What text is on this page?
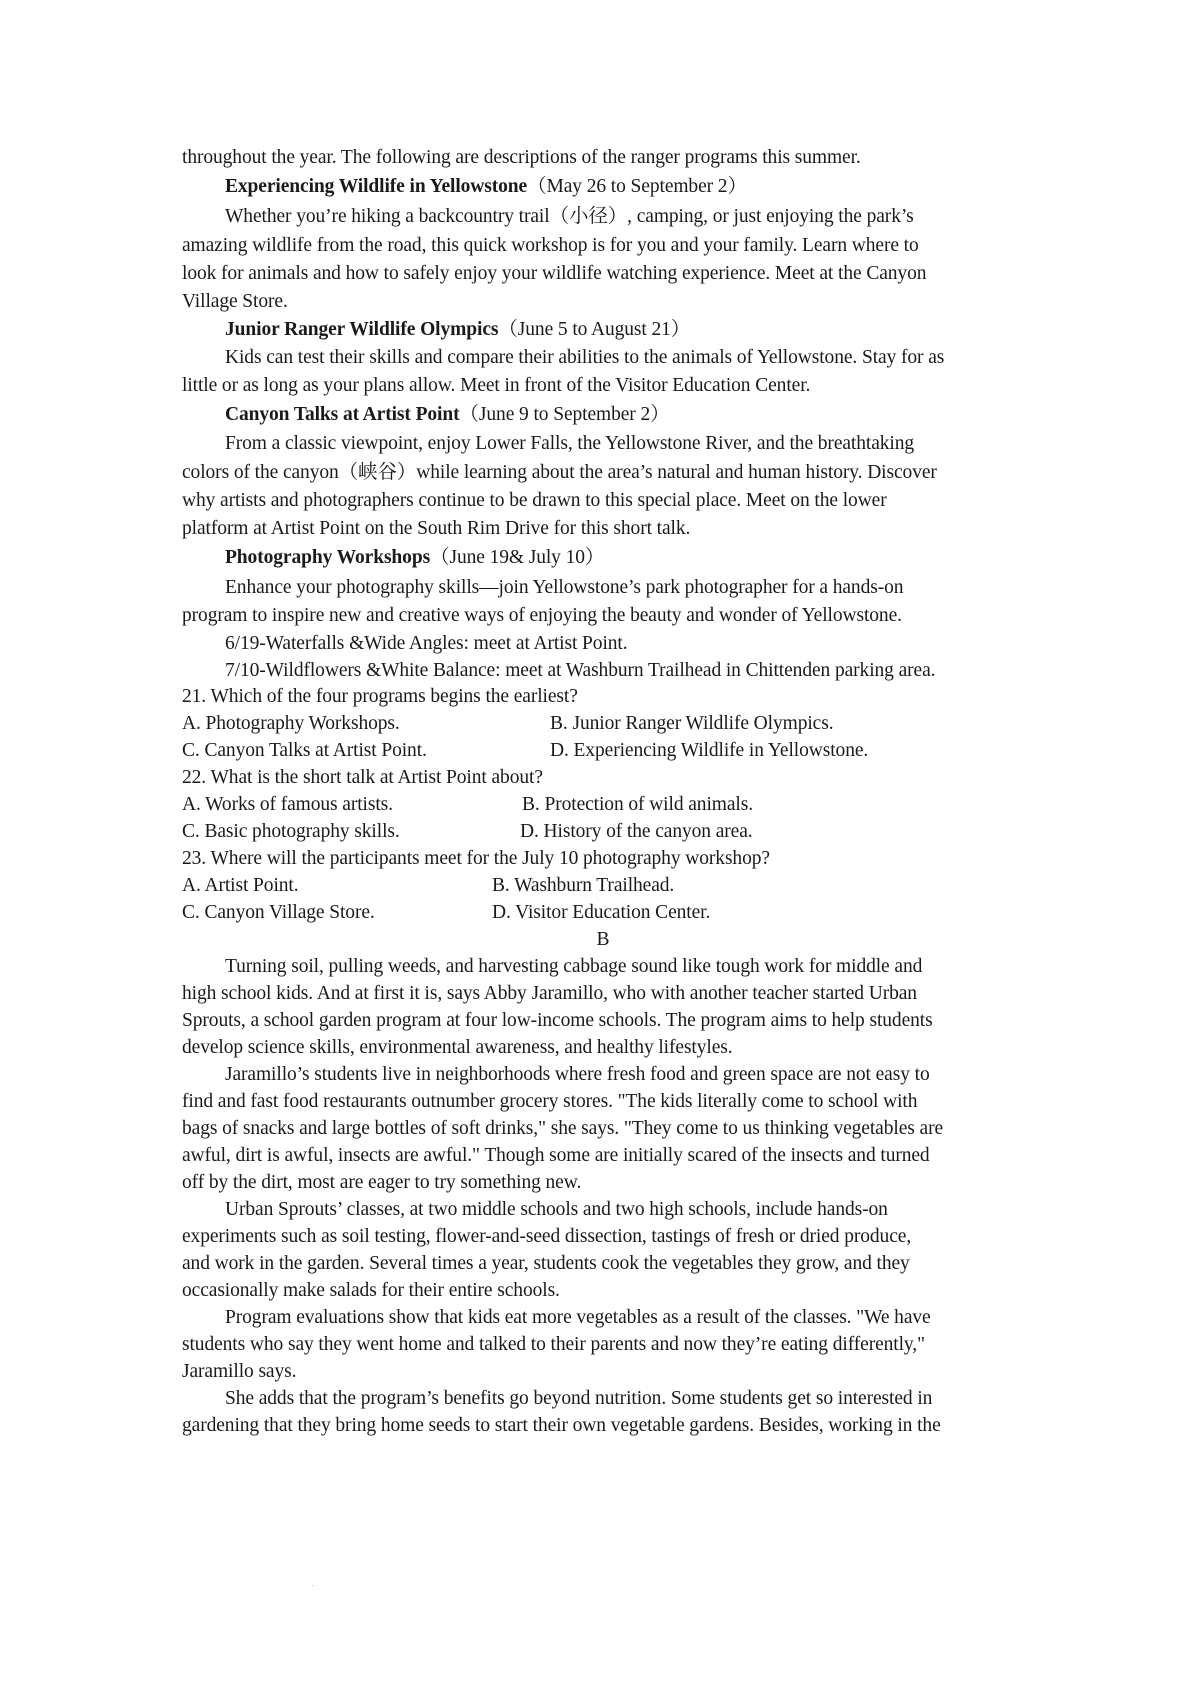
throughout the year. The following are descriptions of the ranger programs this summer.
Experiencing Wildlife in Yellowstone（May 26 to September 2）
Whether you’re hiking a backcountry trail（小径）, camping, or just enjoying the park’s
amazing wildlife from the road, this quick workshop is for you and your family. Learn where to
look for animals and how to safely enjoy your wildlife watching experience. Meet at the Canyon
Village Store.
Junior Ranger Wildlife Olympics（June 5 to August 21）
Kids can test their skills and compare their abilities to the animals of Yellowstone. Stay for as
little or as long as your plans allow. Meet in front of the Visitor Education Center.
Canyon Talks at Artist Point（June 9 to September 2）
From a classic viewpoint, enjoy Lower Falls, the Yellowstone River, and the breathtaking
colors of the canyon（峡谷）while learning about the area’s natural and human history. Discover
why artists and photographers continue to be drawn to this special place. Meet on the lower
platform at Artist Point on the South Rim Drive for this short talk.
Photography Workshops（June 19& July 10）
Enhance your photography skills—join Yellowstone’s park photographer for a hands-on
program to inspire new and creative ways of enjoying the beauty and wonder of Yellowstone.
6/19-Waterfalls &Wide Angles: meet at Artist Point.
7/10-Wildflowers &White Balance: meet at Washburn Trailhead in Chittenden parking area.
21. Which of the four programs begins the earliest?
A. Photography Workshops.	B. Junior Ranger Wildlife Olympics.
C. Canyon Talks at Artist Point.	D. Experiencing Wildlife in Yellowstone.
22. What is the short talk at Artist Point about?
A. Works of famous artists.	B. Protection of wild animals.
C. Basic photography skills.	D. History of the canyon area.
23. Where will the participants meet for the July 10 photography workshop?
A. Artist Point.	B. Washburn Trailhead.
C. Canyon Village Store.	D. Visitor Education Center.
B
Turning soil, pulling weeds, and harvesting cabbage sound like tough work for middle and
high school kids. And at first it is, says Abby Jaramillo, who with another teacher started Urban
Sprouts, a school garden program at four low-income schools. The program aims to help students
develop science skills, environmental awareness, and healthy lifestyles.
Jaramillo’s students live in neighborhoods where fresh food and green space are not easy to
find and fast food restaurants outnumber grocery stores. "The kids literally come to school with
bags of snacks and large bottles of soft drinks," she says. "They come to us thinking vegetables are
awful, dirt is awful, insects are awful." Though some are initially scared of the insects and turned
off by the dirt, most are eager to try something new.
Urban Sprouts’ classes, at two middle schools and two high schools, include hands-on
experiments such as soil testing, flower-and-seed dissection, tastings of fresh or dried produce,
and work in the garden. Several times a year, students cook the vegetables they grow, and they
occasionally make salads for their entire schools.
Program evaluations show that kids eat more vegetables as a result of the classes. "We have
students who say they went home and talked to their parents and now they’re eating differently,"
Jaramillo says.
She adds that the program’s benefits go beyond nutrition. Some students get so interested in
gardening that they bring home seeds to start their own vegetable gardens. Besides, working in the
